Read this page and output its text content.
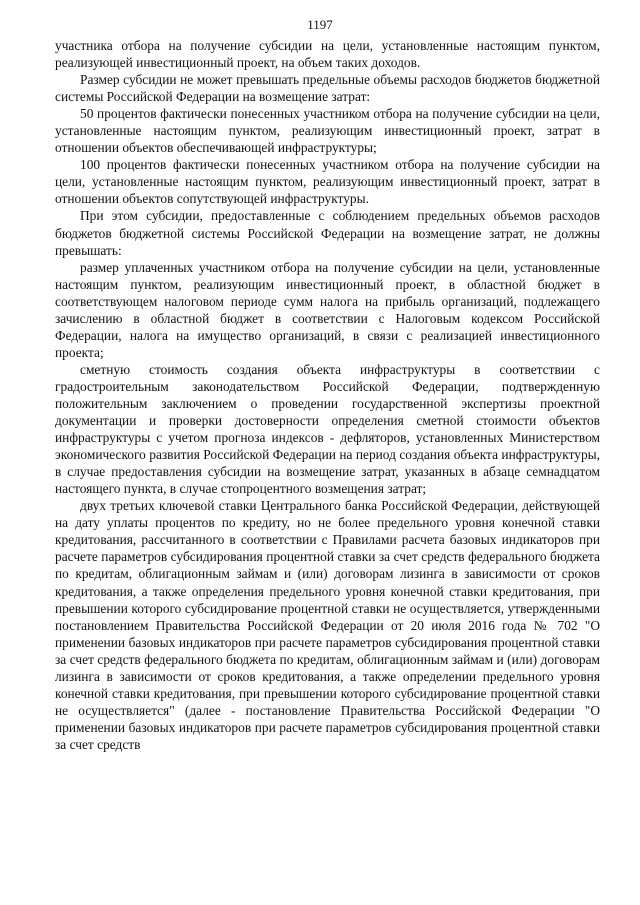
1197

участника отбора на получение субсидии на цели, установленные настоящим пунктом, реализующей инвестиционный проект, на объем таких доходов.

Размер субсидии не может превышать предельные объемы расходов бюджетов бюджетной системы Российской Федерации на возмещение затрат:

50 процентов фактически понесенных участником отбора на получение субсидии на цели, установленные настоящим пунктом, реализующим инвестиционный проект, затрат в отношении объектов обеспечивающей инфраструктуры;

100 процентов фактически понесенных участником отбора на получение субсидии на цели, установленные настоящим пунктом, реализующим инвестиционный проект, затрат в отношении объектов сопутствующей инфраструктуры.

При этом субсидии, предоставленные с соблюдением предельных объемов расходов бюджетов бюджетной системы Российской Федерации на возмещение затрат, не должны превышать:

размер уплаченных участником отбора на получение субсидии на цели, установленные настоящим пунктом, реализующим инвестиционный проект, в областной бюджет в соответствующем налоговом периоде сумм налога на прибыль организаций, подлежащего зачислению в областной бюджет в соответствии с Налоговым кодексом Российской Федерации, налога на имущество организаций, в связи с реализацией инвестиционного проекта;

сметную стоимость создания объекта инфраструктуры в соответствии с градостроительным законодательством Российской Федерации, подтвержденную положительным заключением о проведении государственной экспертизы проектной документации и проверки достоверности определения сметной стоимости объектов инфраструктуры с учетом прогноза индексов - дефляторов, установленных Министерством экономического развития Российской Федерации на период создания объекта инфраструктуры, в случае предоставления субсидии на возмещение затрат, указанных в абзаце семнадцатом настоящего пункта, в случае стопроцентного возмещения затрат;

двух третьих ключевой ставки Центрального банка Российской Федерации, действующей на дату уплаты процентов по кредиту, но не более предельного уровня конечной ставки кредитования, рассчитанного в соответствии с Правилами расчета базовых индикаторов при расчете параметров субсидирования процентной ставки за счет средств федерального бюджета по кредитам, облигационным займам и (или) договорам лизинга в зависимости от сроков кредитования, а также определения предельного уровня конечной ставки кредитования, при превышении которого субсидирование процентной ставки не осуществляется, утвержденными постановлением Правительства Российской Федерации от 20 июля 2016 года № 702 "О применении базовых индикаторов при расчете параметров субсидирования процентной ставки за счет средств федерального бюджета по кредитам, облигационным займам и (или) договорам лизинга в зависимости от сроков кредитования, а также определении предельного уровня конечной ставки кредитования, при превышении которого субсидирование процентной ставки не осуществляется" (далее - постановление Правительства Российской Федерации "О применении базовых индикаторов при расчете параметров субсидирования процентной ставки за счет средств
